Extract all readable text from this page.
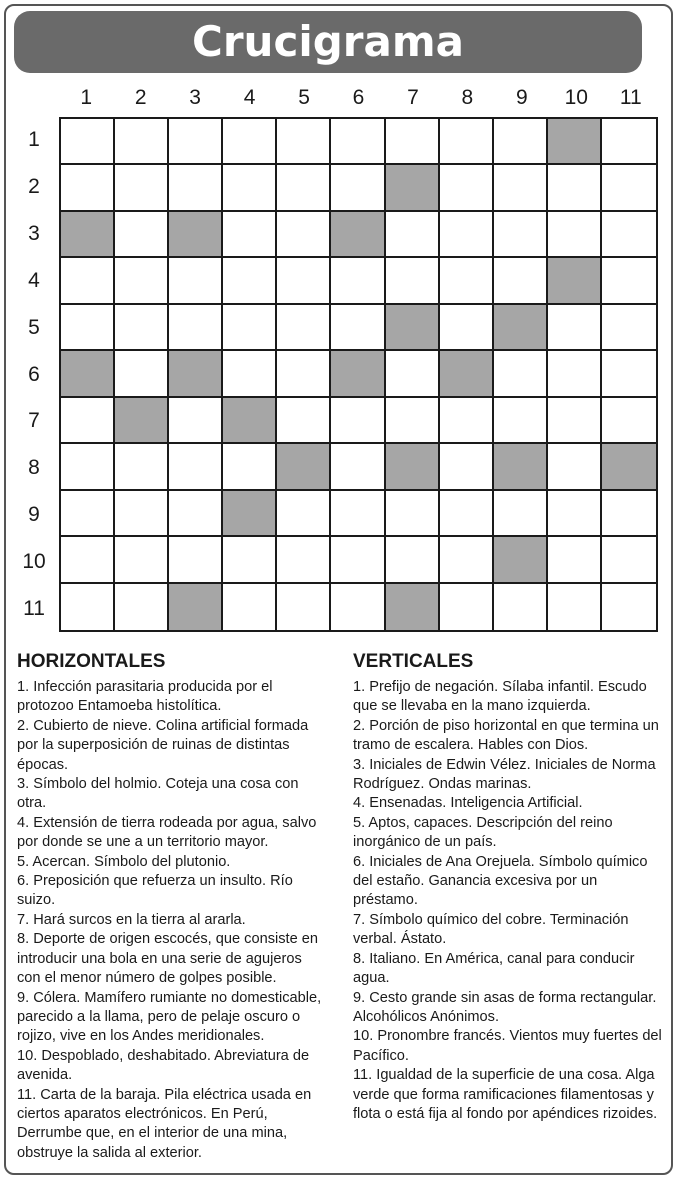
Crucigrama
1	2	3	4	5	6	7	8	9	10	11
1
2
3
4
5
6
7
8
9
10
11
HORIZONTALES

1. Infección parasitaria producida por el protozoo Entamoeba histolítica.

2. Cubierto de nieve. Colina artificial formada por la superposición de ruinas de distintas épocas.

3. Símbolo del holmio. Coteja una cosa con otra.

4. Extensión de tierra rodeada por agua, salvo por donde se une a un territorio mayor.

5. Acercan. Símbolo del plutonio.

6. Preposición que refuerza un insulto. Río suizo.

7. Hará surcos en la tierra al ararla.

8. Deporte de origen escocés, que consiste en introducir una bola en una serie de agujeros con el menor número de golpes posible.

9. Cólera. Mamífero rumiante no domesticable, parecido a la llama, pero de pelaje oscuro o rojizo, vive en los Andes meridionales.

10. Despoblado, deshabitado. Abreviatura de avenida.

11. Carta de la baraja. Pila eléctrica usada en ciertos aparatos electrónicos. En Perú, Derrumbe que, en el interior de una mina, obstruye la salida al exterior.

VERTICALES

1. Prefijo de negación. Sílaba infantil. Escudo que se llevaba en la mano izquierda.

2. Porción de piso horizontal en que termina un tramo de escalera. Hables con Dios.

3. Iniciales de Edwin Vélez. Iniciales de Norma Rodríguez. Ondas marinas.

4. Ensenadas. Inteligencia Artificial.

5. Aptos, capaces. Descripción del reino inorgánico de un país.

6. Iniciales de Ana Orejuela. Símbolo químico del estaño. Ganancia excesiva por un préstamo.

7. Símbolo químico del cobre. Terminación verbal. Ástato.

8. Italiano. En América, canal para conducir agua.

9. Cesto grande sin asas de forma rectangular. Alcohólicos Anónimos.

10. Pronombre francés. Vientos muy fuertes del Pacífico.

11. Igualdad de la superficie de una cosa. Alga verde que forma ramificaciones filamentosas y flota o está fija al fondo por apéndices rizoides.
